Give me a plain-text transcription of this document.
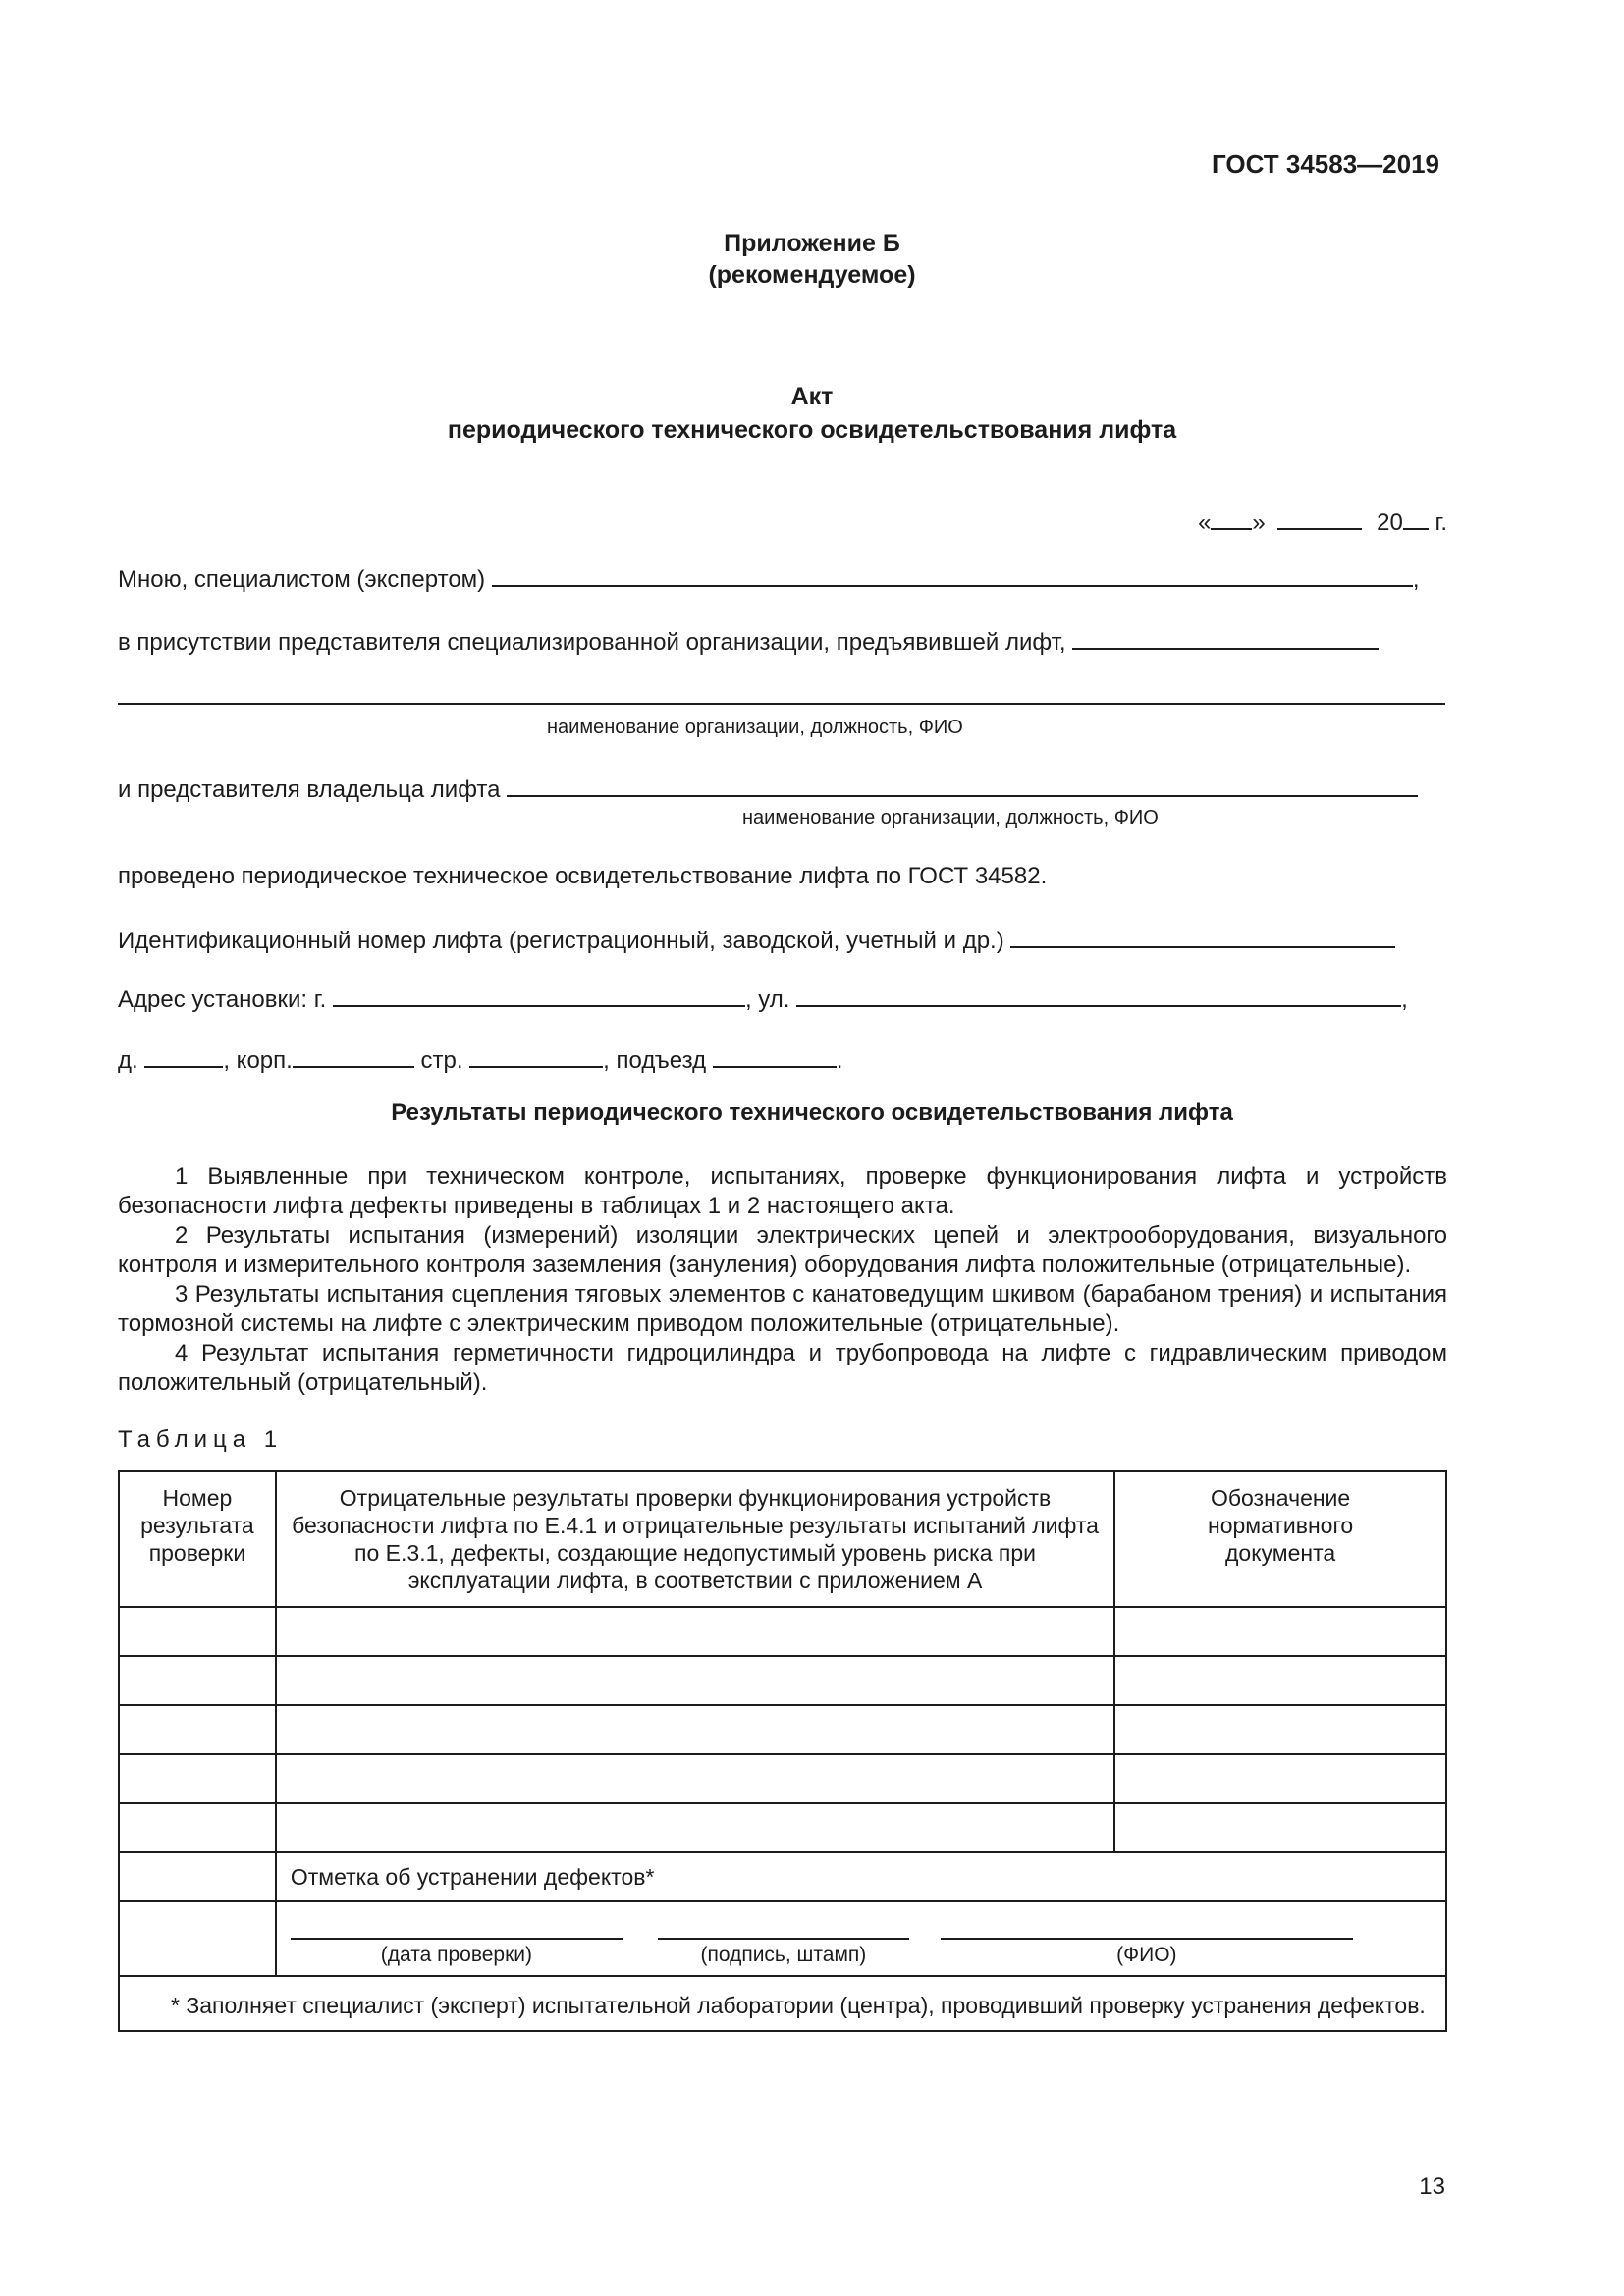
ГОСТ 34583—2019
Приложение Б
(рекомендуемое)
Акт
периодического технического освидетельствования лифта
« »	20 г.
Мною, специалистом (экспертом)	,
в присутствии представителя специализированной организации, предъявившей лифт,
наименование организации, должность, ФИО
и представителя владельца лифта
наименование организации, должность, ФИО
проведено периодическое техническое освидетельствование лифта по ГОСТ 34582.
Идентификационный номер лифта (регистрационный, заводской, учетный и др.)
Адрес установки: г.	, ул.	,
д.	, корп.	стр.	, подъезд	.
Результаты периодического технического освидетельствования лифта

1 Выявленные при техническом контроле, испытаниях, проверке функционирования лифта и устройств безопасности лифта дефекты приведены в таблицах 1 и 2 настоящего акта.

2 Результаты испытания (измерений) изоляции электрических цепей и электрооборудования, визуального контроля и измерительного контроля заземления (зануления) оборудования лифта положительные (отрицательные).

3 Результаты испытания сцепления тяговых элементов с канатоведущим шкивом (барабаном трения) и испытания тормозной системы на лифте с электрическим приводом положительные (отрицательные).

4 Результат испытания герметичности гидроцилиндра и трубопровода на лифте с гидравлическим приводом положительный (отрицательный).

Таблица 1
Номер результата проверки	Отрицательные результаты проверки функционирования устройств безопасности лифта по Е.4.1 и отрицательные результаты испытаний лифта по Е.3.1, дефекты, создающие недопустимый уровень риска при эксплуатации лифта, в соответствии с приложением А	Обозначение нормативного документа

	Отметка об устранении дефектов*	

	(дата проверки) (подпись, штамп) (ФИО)	

* Заполняет специалист (эксперт) испытательной лаборатории (центра), проводивший проверку устранения дефектов.		
13
